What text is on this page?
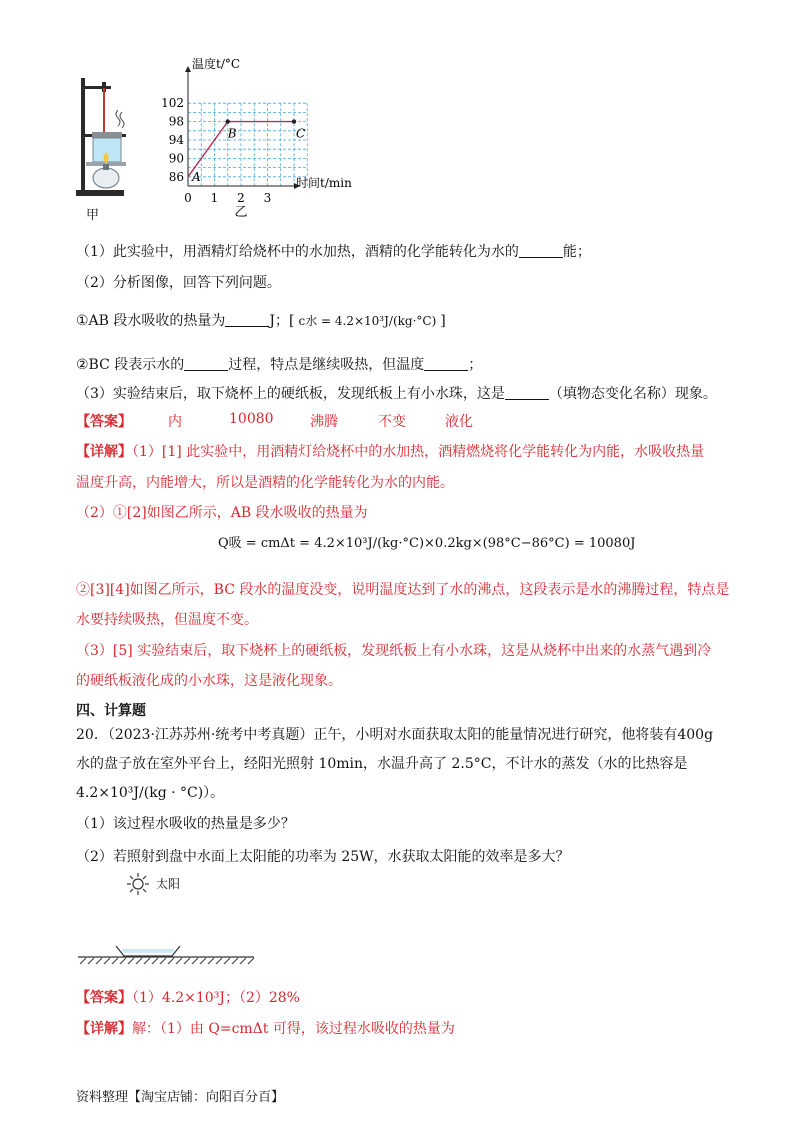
甲
0 1 2 3
86
90
94
98
102
温度t/°C
时间t/min
A
B	C
乙
（1）此实验中，用酒精灯给烧杯中的水加热，酒精的化学能转化为水的	能；
（2）分析图像，回答下列问题。
①AB 段水吸收的热量为	J；[ c水 = 4.2×10³J/(kg·°C) ]
②BC 段表示水的	过程，特点是继续吸热，但温度	；
（3）实验结束后，取下烧杯上的硬纸板，发现纸板上有小水珠，这是	（填物态变化名称）现象。
【答案】	内	10080	沸腾	不变	液化
【详解】（1）[1] 此实验中，用酒精灯给烧杯中的水加热，酒精燃烧将化学能转化为内能，水吸收热量
温度升高，内能增大，所以是酒精的化学能转化为水的内能。
（2）①[2]如图乙所示，AB 段水吸收的热量为
Q吸 = cmΔt = 4.2×10³J/(kg·°C)×0.2kg×(98°C−86°C) = 10080J
②[3][4]如图乙所示，BC 段水的温度没变，说明温度达到了水的沸点，这段表示是水的沸腾过程，特点是
水要持续吸热，但温度不变。
（3）[5] 实验结束后，取下烧杯上的硬纸板，发现纸板上有小水珠，这是从烧杯中出来的水蒸气遇到冷
的硬纸板液化成的小水珠，这是液化现象。
四、计算题
20．（2023·江苏苏州·统考中考真题）正午，小明对水面获取太阳的能量情况进行研究，他将装有400g
水的盘子放在室外平台上，经阳光照射 10min，水温升高了 2.5°C，不计水的蒸发（水的比热容是
4.2×10³J/(kg · °C)）。
（1）该过程水吸收的热量是多少？
（2）若照射到盘中水面上太阳能的功率为 25W，水获取太阳能的效率是多大？
太阳
【答案】（1）4.2×10³J；（2）28%
【详解】解：（1）由 Q=cmΔt 可得，该过程水吸收的热量为
资料整理【淘宝店铺：向阳百分百】
